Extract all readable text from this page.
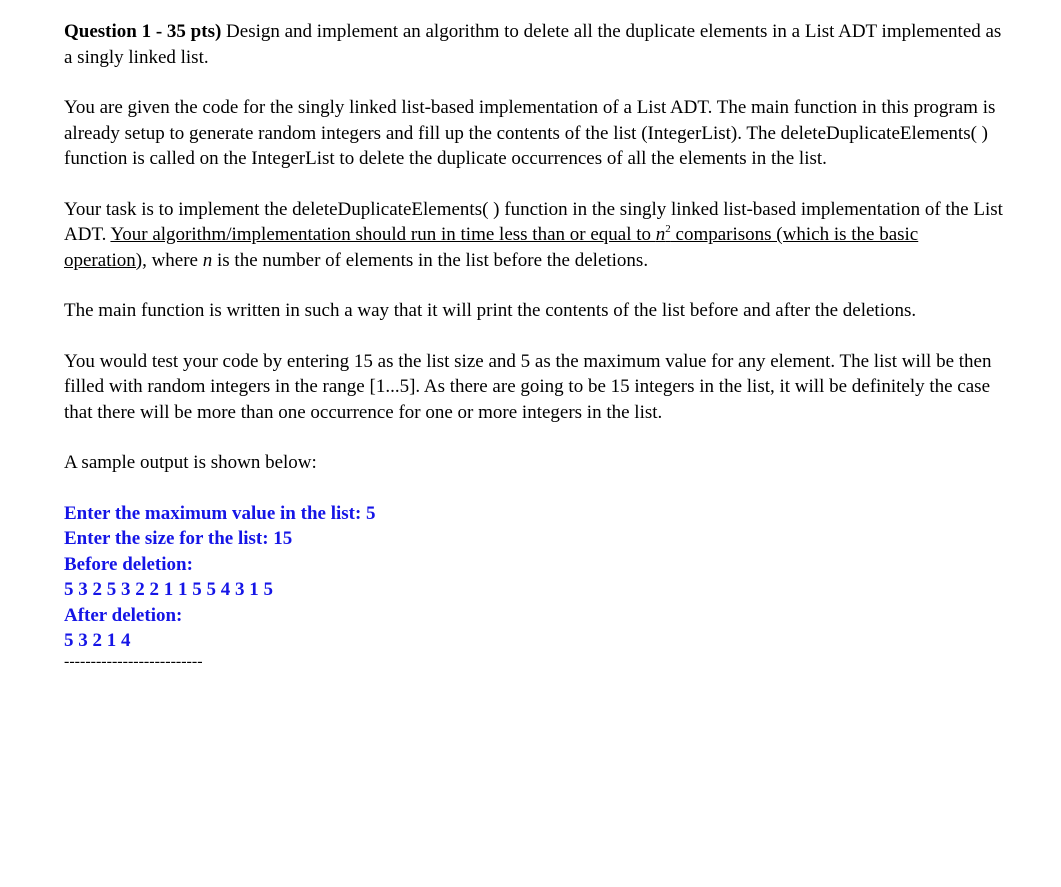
Question 1 - 35 pts) Design and implement an algorithm to delete all the duplicate elements in a List ADT implemented as a singly linked list.

You are given the code for the singly linked list-based implementation of a List ADT. The main function in this program is already setup to generate random integers and fill up the contents of the list (IntegerList). The deleteDuplicateElements( ) function is called on the IntegerList to delete the duplicate occurrences of all the elements in the list.

Your task is to implement the deleteDuplicateElements( ) function in the singly linked list-based implementation of the List ADT. Your algorithm/implementation should run in time less than or equal to $n^2$ comparisons (which is the basic operation), where n is the number of elements in the list before the deletions.

The main function is written in such a way that it will print the contents of the list before and after the deletions.

You would test your code by entering 15 as the list size and 5 as the maximum value for any element. The list will be then filled with random integers in the range [1...5]. As there are going to be 15 integers in the list, it will be definitely the case that there will be more than one occurrence for one or more integers in the list.

A sample output is shown below:

Enter the maximum value in the list: 5
Enter the size for the list: 15
Before deletion:
5 3 2 5 3 2 2 1 1 5 5 4 3 1 5
After deletion:
5 3 2 1 4
--------------------------
